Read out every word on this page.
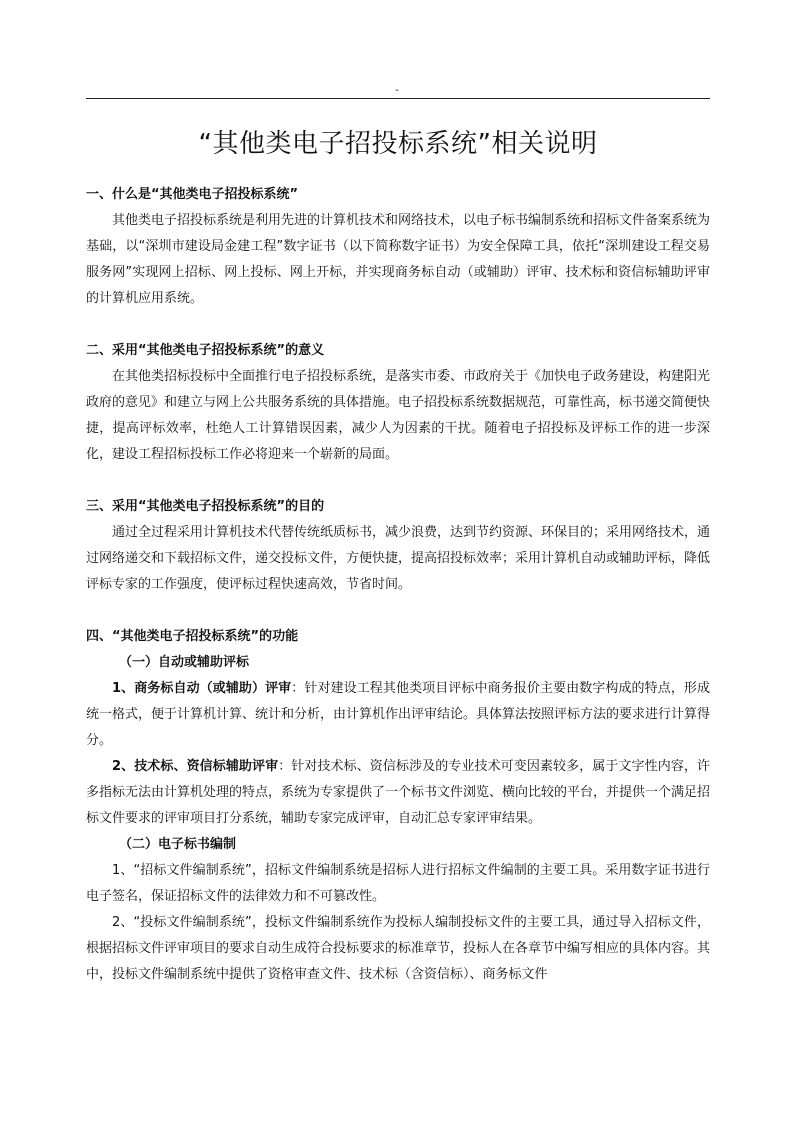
-
“其他类电子招投标系统”相关说明

一、什么是“其他类电子招投标系统”

其他类电子招投标系统是利用先进的计算机技术和网络技术，以电子标书编制系统和招标文件备案系统为基础，以“深圳市建设局金建工程”数字证书（以下简称数字证书）为安全保障工具，依托“深圳建设工程交易服务网”实现网上招标、网上投标、网上开标，并实现商务标自动（或辅助）评审、技术标和资信标辅助评审的计算机应用系统。

二、采用“其他类电子招投标系统”的意义

在其他类招标投标中全面推行电子招投标系统，是落实市委、市政府关于《加快电子政务建设，构建阳光政府的意见》和建立与网上公共服务系统的具体措施。电子招投标系统数据规范，可靠性高，标书递交简便快捷，提高评标效率，杜绝人工计算错误因素，减少人为因素的干扰。随着电子招投标及评标工作的进一步深化，建设工程招标投标工作必将迎来一个崭新的局面。

三、采用“其他类电子招投标系统”的目的

通过全过程采用计算机技术代替传统纸质标书，减少浪费，达到节约资源、环保目的；采用网络技术，通过网络递交和下载招标文件，递交投标文件，方便快捷，提高招投标效率；采用计算机自动或辅助评标，降低评标专家的工作强度，使评标过程快速高效，节省时间。

四、“其他类电子招投标系统”的功能

（一）自动或辅助评标

1、商务标自动（或辅助）评审：针对建设工程其他类项目评标中商务报价主要由数字构成的特点，形成统一格式，便于计算机计算、统计和分析，由计算机作出评审结论。具体算法按照评标方法的要求进行计算得分。

2、技术标、资信标辅助评审：针对技术标、资信标涉及的专业技术可变因素较多，属于文字性内容，许多指标无法由计算机处理的特点，系统为专家提供了一个标书文件浏览、横向比较的平台，并提供一个满足招标文件要求的评审项目打分系统，辅助专家完成评审，自动汇总专家评审结果。

（二）电子标书编制

1、“招标文件编制系统”，招标文件编制系统是招标人进行招标文件编制的主要工具。采用数字证书进行电子签名，保证招标文件的法律效力和不可篡改性。

2、“投标文件编制系统”，投标文件编制系统作为投标人编制投标文件的主要工具，通过导入招标文件，根据招标文件评审项目的要求自动生成符合投标要求的标准章节，投标人在各章节中编写相应的具体内容。其中，投标文件编制系统中提供了资格审查文件、技术标（含资信标）、商务标文件
